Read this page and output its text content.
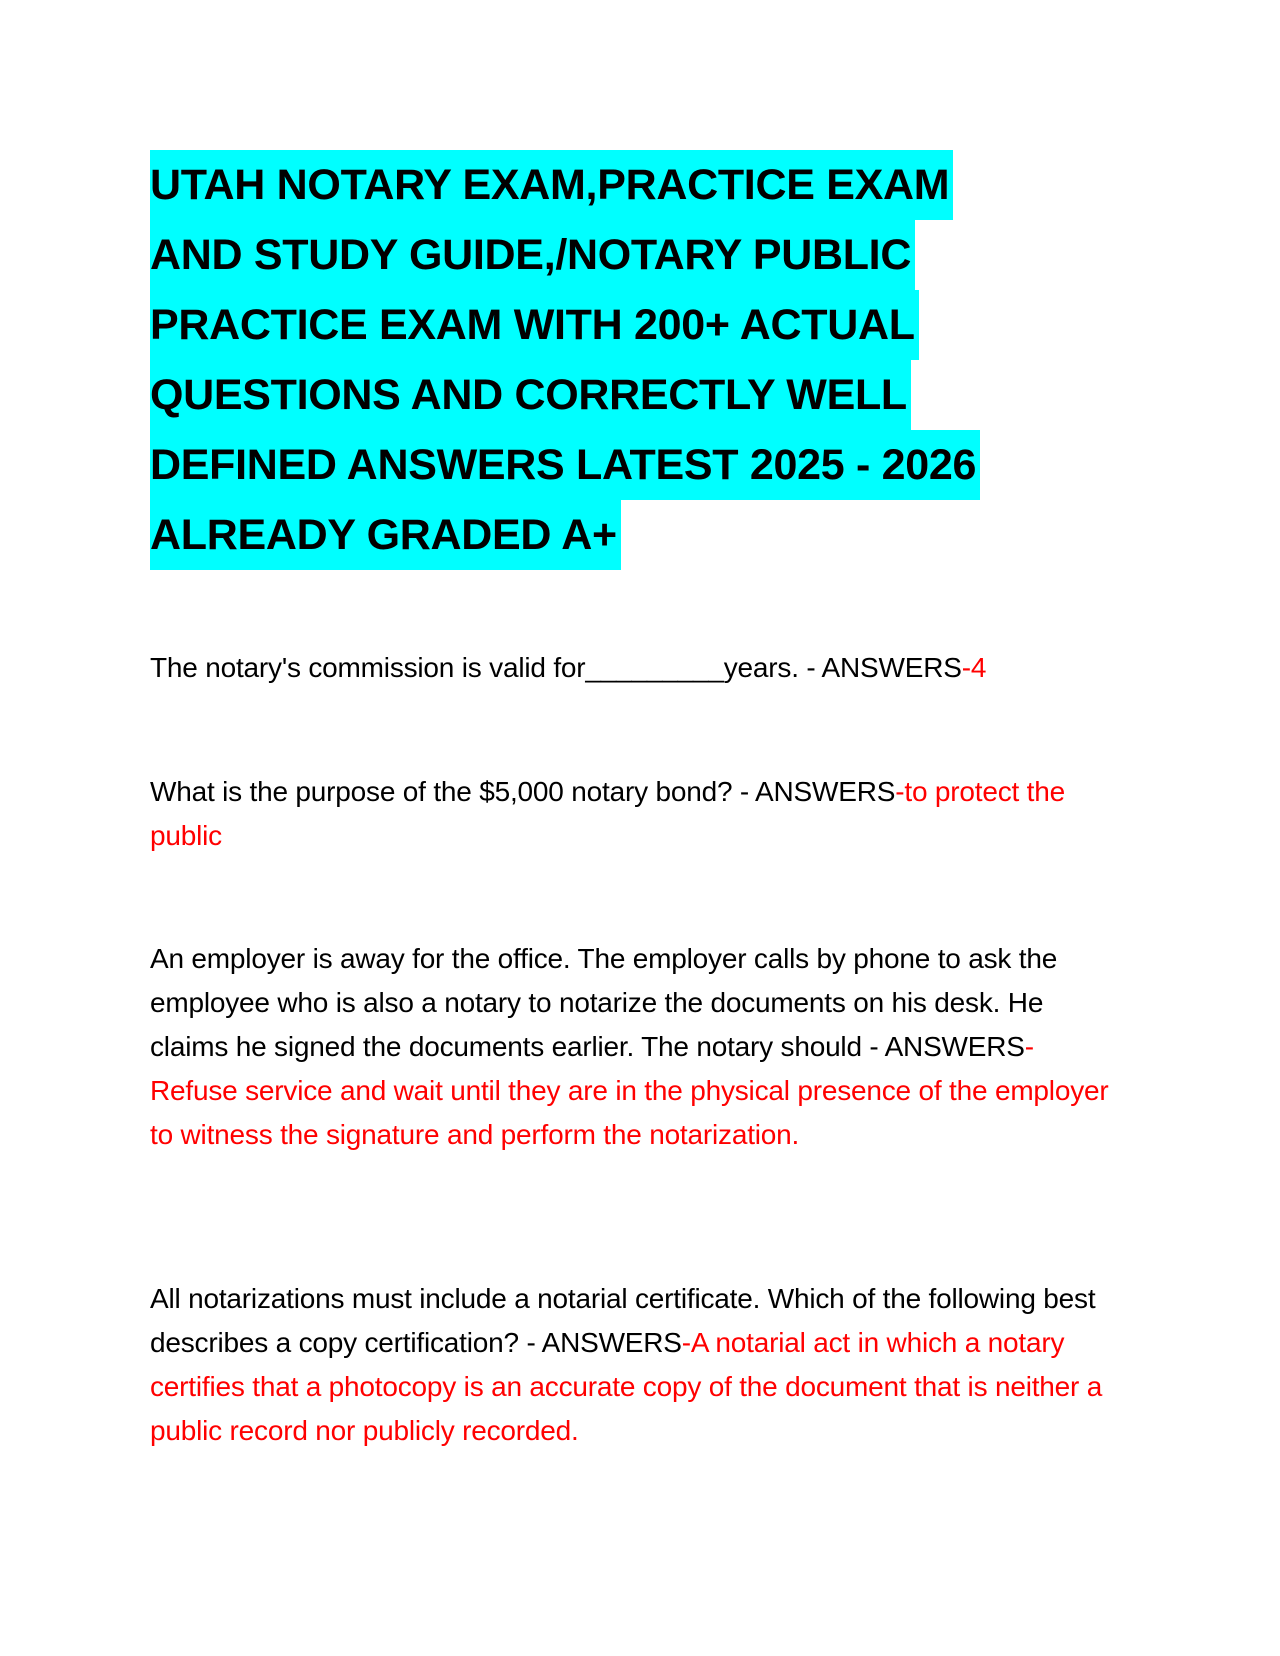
UTAH NOTARY EXAM,PRACTICE EXAM
AND STUDY GUIDE,/NOTARY PUBLIC
PRACTICE EXAM WITH 200+ ACTUAL
QUESTIONS AND CORRECTLY WELL
DEFINED ANSWERS LATEST 2025 - 2026
ALREADY GRADED A+

The notary's commission is valid for_________years. - ANSWERS-4

What is the purpose of the $5,000 notary bond? - ANSWERS-to protect the public

An employer is away for the office. The employer calls by phone to ask the employee who is also a notary to notarize the documents on his desk. He claims he signed the documents earlier. The notary should - ANSWERS-Refuse service and wait until they are in the physical presence of the employer to witness the signature and perform the notarization.

All notarizations must include a notarial certificate. Which of the following best describes a copy certification? - ANSWERS-A notarial act in which a notary certifies that a photocopy is an accurate copy of the document that is neither a public record nor publicly recorded.
